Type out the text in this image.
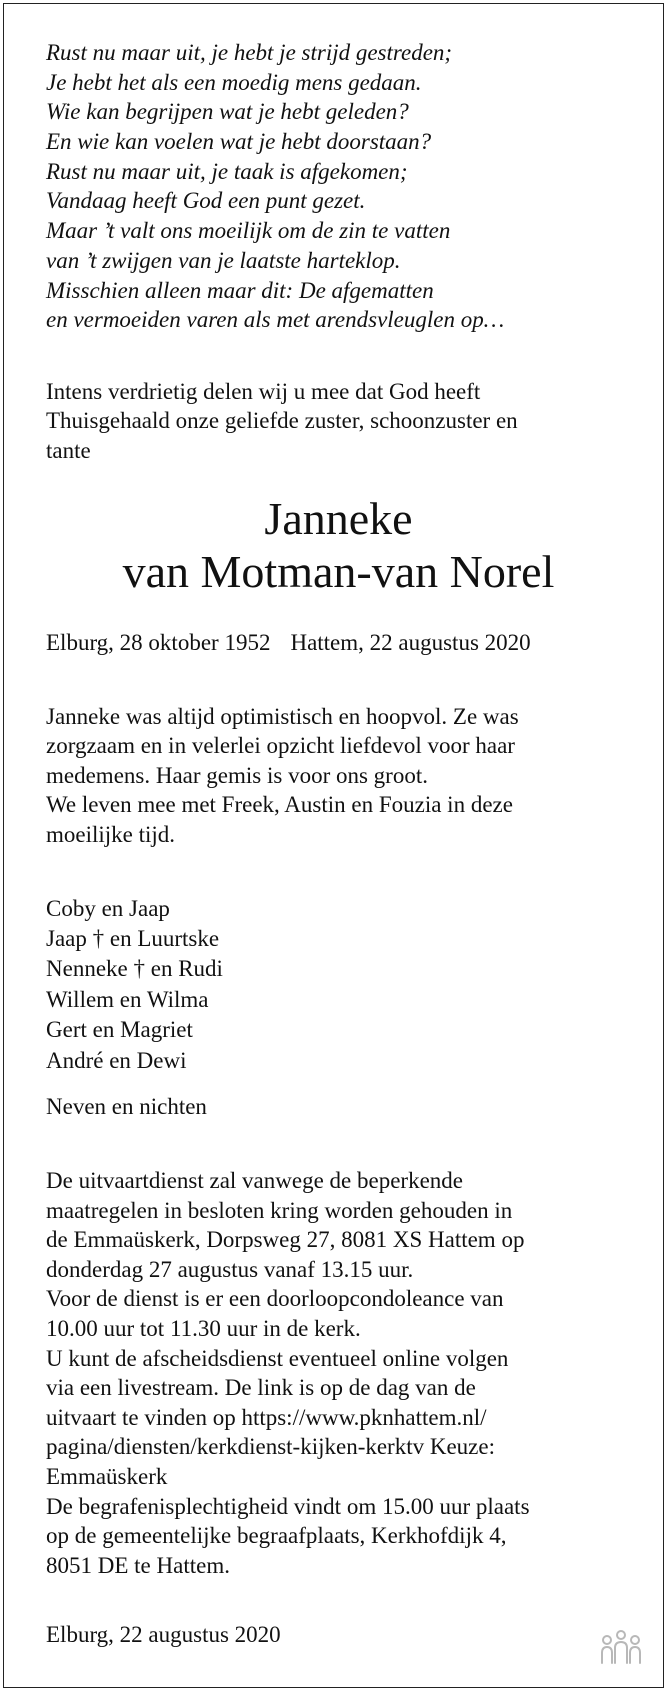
Rust nu maar uit, je hebt je strijd gestreden;
Je hebt het als een moedig mens gedaan.
Wie kan begrijpen wat je hebt geleden?
En wie kan voelen wat je hebt doorstaan?
Rust nu maar uit, je taak is afgekomen;
Vandaag heeft God een punt gezet.
Maar ’t valt ons moeilijk om de zin te vatten
van ’t zwijgen van je laatste harteklop.
Misschien alleen maar dit: De afgematten
en vermoeiden varen als met arendsvleuglen op…
Intens verdrietig delen wij u mee dat God heeft
Thuisgehaald onze geliefde zuster, schoonzuster en
tante
Janneke
van Motman-van Norel
Elburg, 28 oktober 1952 Hattem, 22 augustus 2020
Janneke was altijd optimistisch en hoopvol. Ze was
zorgzaam en in velerlei opzicht liefdevol voor haar
medemens. Haar gemis is voor ons groot.
We leven mee met Freek, Austin en Fouzia in deze
moeilijke tijd.
Coby en Jaap
Jaap † en Luurtske
Nenneke † en Rudi
Willem en Wilma
Gert en Magriet
André en Dewi
Neven en nichten
De uitvaartdienst zal vanwege de beperkende
maatregelen in besloten kring worden gehouden in
de Emmaüskerk, Dorpsweg 27, 8081 XS Hattem op
donderdag 27 augustus vanaf 13.15 uur.
Voor de dienst is er een doorloopcondoleance van
10.00 uur tot 11.30 uur in de kerk.
U kunt de afscheidsdienst eventueel online volgen
via een livestream. De link is op de dag van de
uitvaart te vinden op https://www.pknhattem.nl/
pagina/diensten/kerkdienst-kijken-kerktv Keuze:
Emmaüskerk
De begrafenisplechtigheid vindt om 15.00 uur plaats
op de gemeentelijke begraafplaats, Kerkhofdijk 4,
8051 DE te Hattem.
Elburg, 22 augustus 2020
